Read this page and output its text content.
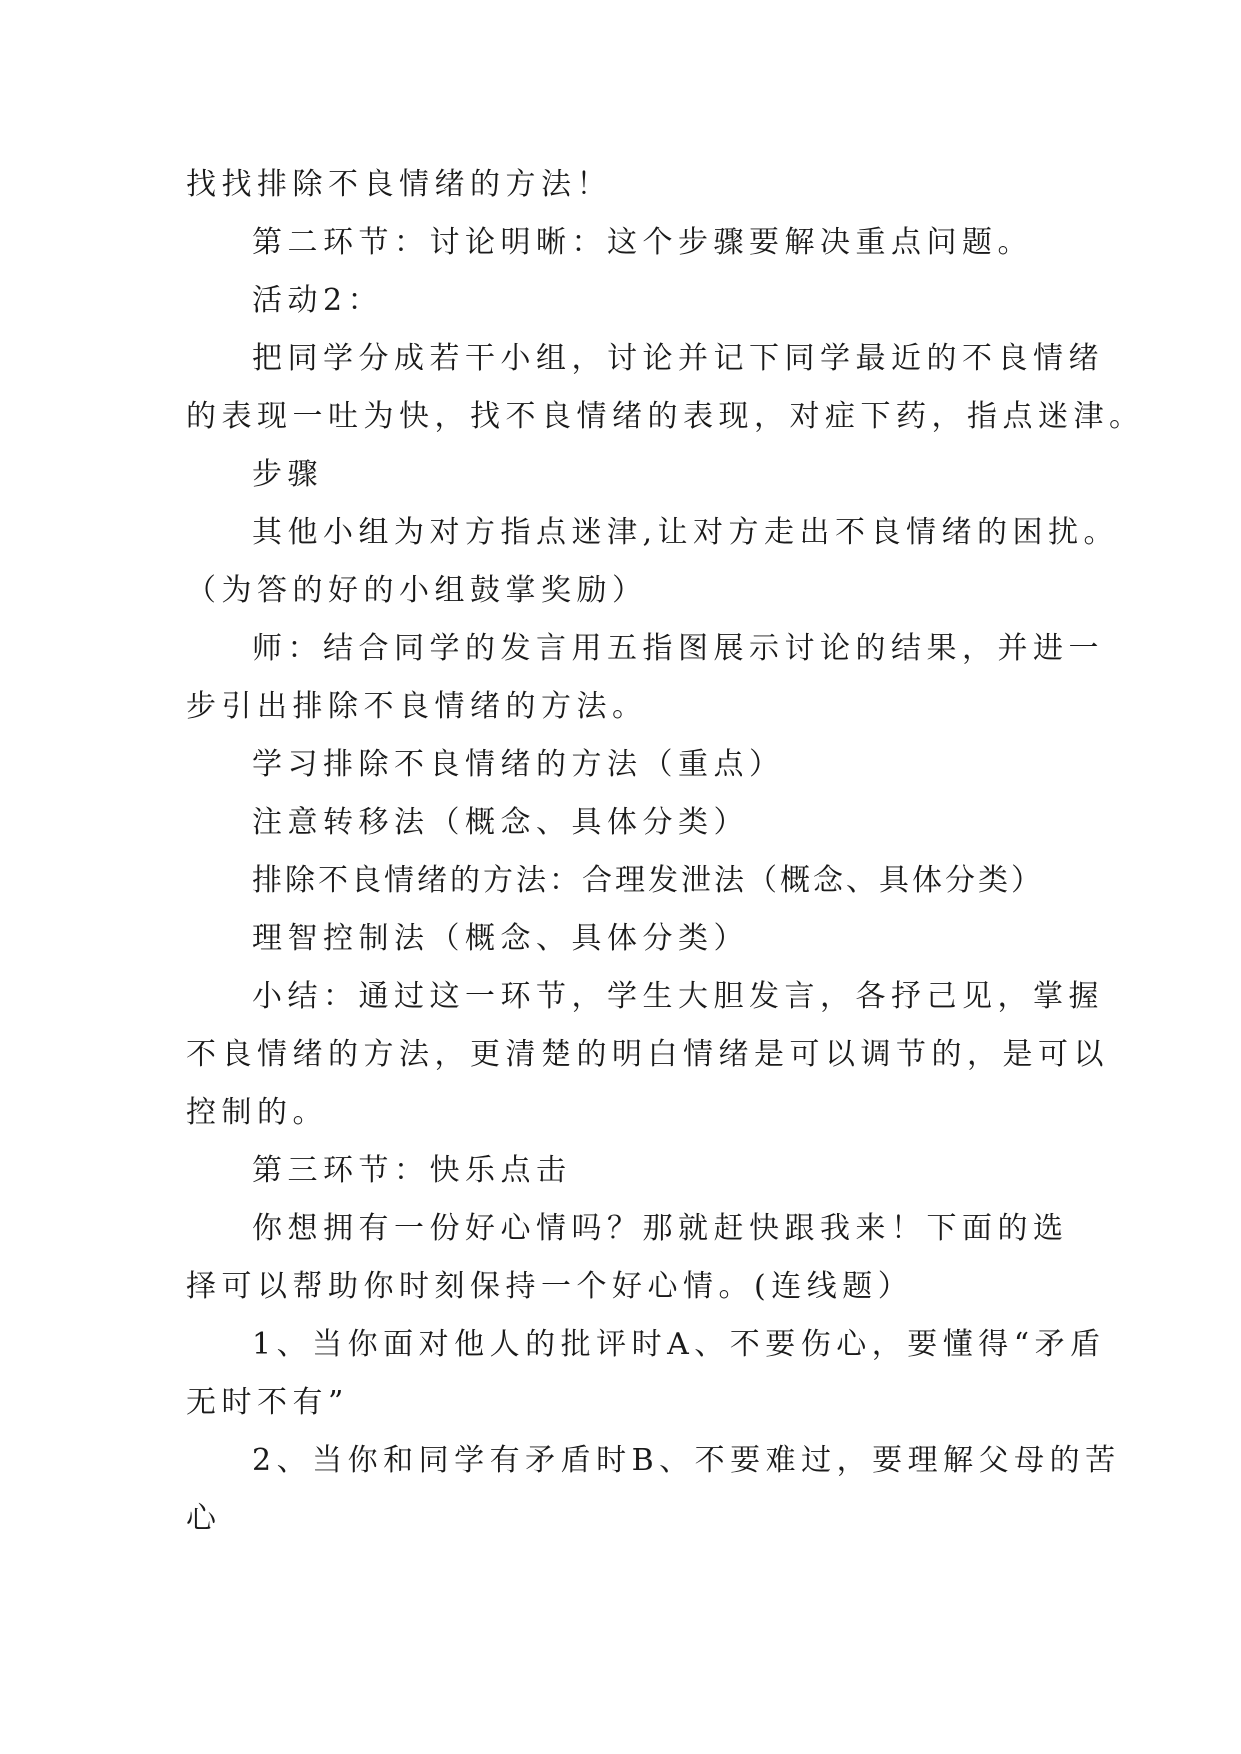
找找排除不良情绪的方法！
第二环节：讨论明晰：这个步骤要解决重点问题。
活动2：
把同学分成若干小组，讨论并记下同学最近的不良情绪
的表现一吐为快，找不良情绪的表现，对症下药，指点迷津。
步骤
其他小组为对方指点迷津,让对方走出不良情绪的困扰。
（为答的好的小组鼓掌奖励）
师：结合同学的发言用五指图展示讨论的结果，并进一
步引出排除不良情绪的方法。
学习排除不良情绪的方法（重点）
注意转移法（概念、具体分类）
排除不良情绪的方法：合理发泄法（概念、具体分类）
理智控制法（概念、具体分类）
小结：通过这一环节，学生大胆发言，各抒己见，掌握
不良情绪的方法，更清楚的明白情绪是可以调节的，是可以
控制的。
第三环节：快乐点击
你想拥有一份好心情吗？那就赶快跟我来！下面的选
择可以帮助你时刻保持一个好心情。(连线题）
1、当你面对他人的批评时A、不要伤心，要懂得“矛盾
无时不有”
2、当你和同学有矛盾时B、不要难过，要理解父母的苦
心
